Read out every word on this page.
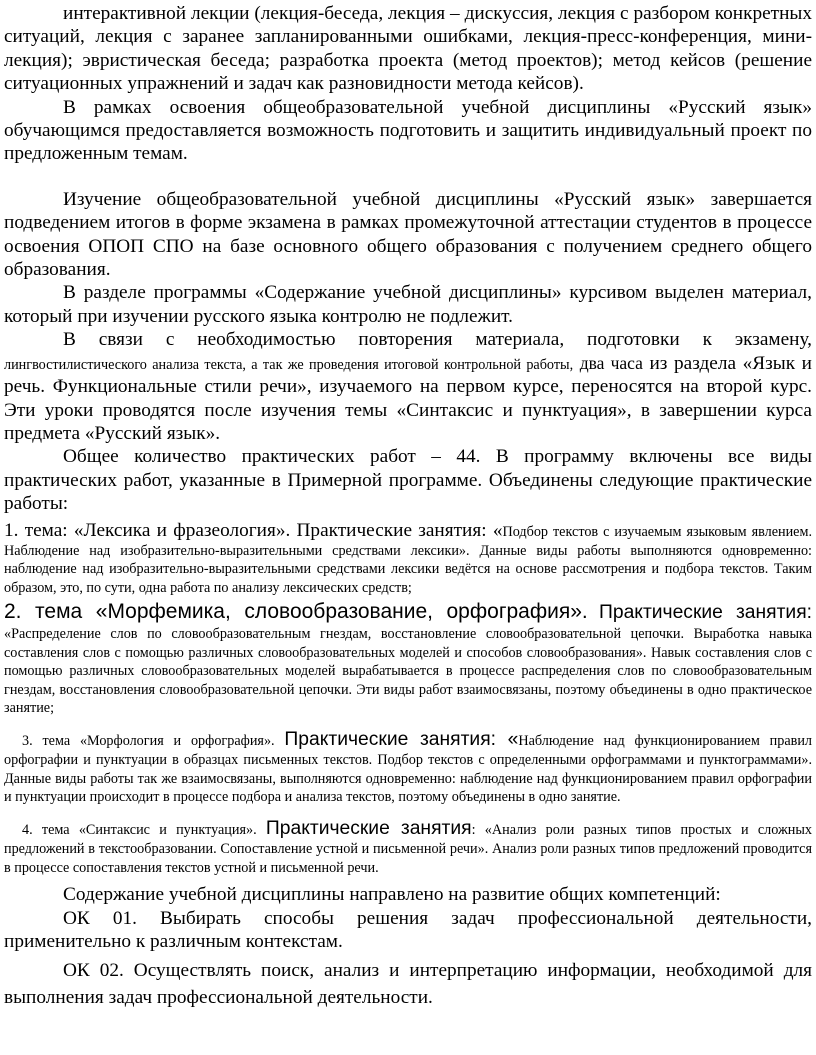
интерактивной лекции (лекция-беседа, лекция – дискуссия, лекция с разбором конкретных ситуаций, лекция с заранее запланированными ошибками, лекция-пресс-конференция, мини-лекция); эвристическая беседа; разработка проекта (метод проектов); метод кейсов (решение ситуационных упражнений и задач как разновидности метода кейсов).

В рамках освоения общеобразовательной учебной дисциплины «Русский язык» обучающимся предоставляется возможность подготовить и защитить индивидуальный проект по предложенным темам.

Изучение общеобразовательной учебной дисциплины «Русский язык» завершается подведением итогов в форме экзамена в рамках промежуточной аттестации студентов в процессе освоения ОПОП СПО на базе основного общего образования с получением среднего общего образования.

В разделе программы «Содержание учебной дисциплины» курсивом выделен материал, который при изучении русского языка контролю не подлежит.

В связи с необходимостью повторения материала, подготовки к экзамену, лингвостилистического анализа текста, а так же проведения итоговой контрольной работы, два часа из раздела «Язык и речь. Функциональные стили речи», изучаемого на первом курсе, переносятся на второй курс. Эти уроки проводятся после изучения темы «Синтаксис и пунктуация», в завершении курса предмета «Русский язык».

Общее количество практических работ – 44. В программу включены все виды практических работ, указанные в Примерной программе. Объединены следующие практические работы:

1. тема: «Лексика и фразеология». Практические занятия: «Подбор текстов с изучаемым языковым явлением. Наблюдение над изобразительно-выразительными средствами лексики». Данные виды работы выполняются одновременно: наблюдение над изобразительно-выразительными средствами лексики ведётся на основе рассмотрения и подбора текстов. Таким образом, это, по сути, одна работа по анализу лексических средств;

2. тема «Морфемика, словообразование, орфография». Практические занятия: «Распределение слов по словообразовательным гнездам, восстановление словообразовательной цепочки. Выработка навыка составления слов с помощью различных словообразовательных моделей и способов словообразования». Навык составления слов с помощью различных словообразовательных моделей вырабатывается в процессе распределения слов по словообразовательным гнездам, восстановления словообразовательной цепочки. Эти виды работ взаимосвязаны, поэтому объединены в одно практическое занятие;

3. тема «Морфология и орфография». Практические занятия: «Наблюдение над функционированием правил орфографии и пунктуации в образцах письменных текстов. Подбор текстов с определенными орфограммами и пунктограммами». Данные виды работы так же взаимосвязаны, выполняются одновременно: наблюдение над функционированием правил орфографии и пунктуации происходит в процессе подбора и анализа текстов, поэтому объединены в одно занятие.

4. тема «Синтаксис и пунктуация». Практические занятия: «Анализ роли разных типов простых и сложных предложений в текстообразовании. Сопоставление устной и письменной речи». Анализ роли разных типов предложений проводится в процессе сопоставления текстов устной и письменной речи.

Содержание учебной дисциплины направлено на развитие общих компетенций:

ОК 01. Выбирать способы решения задач профессиональной деятельности, применительно к различным контекстам.

ОК 02. Осуществлять поиск, анализ и интерпретацию информации, необходимой для выполнения задач профессиональной деятельности.
